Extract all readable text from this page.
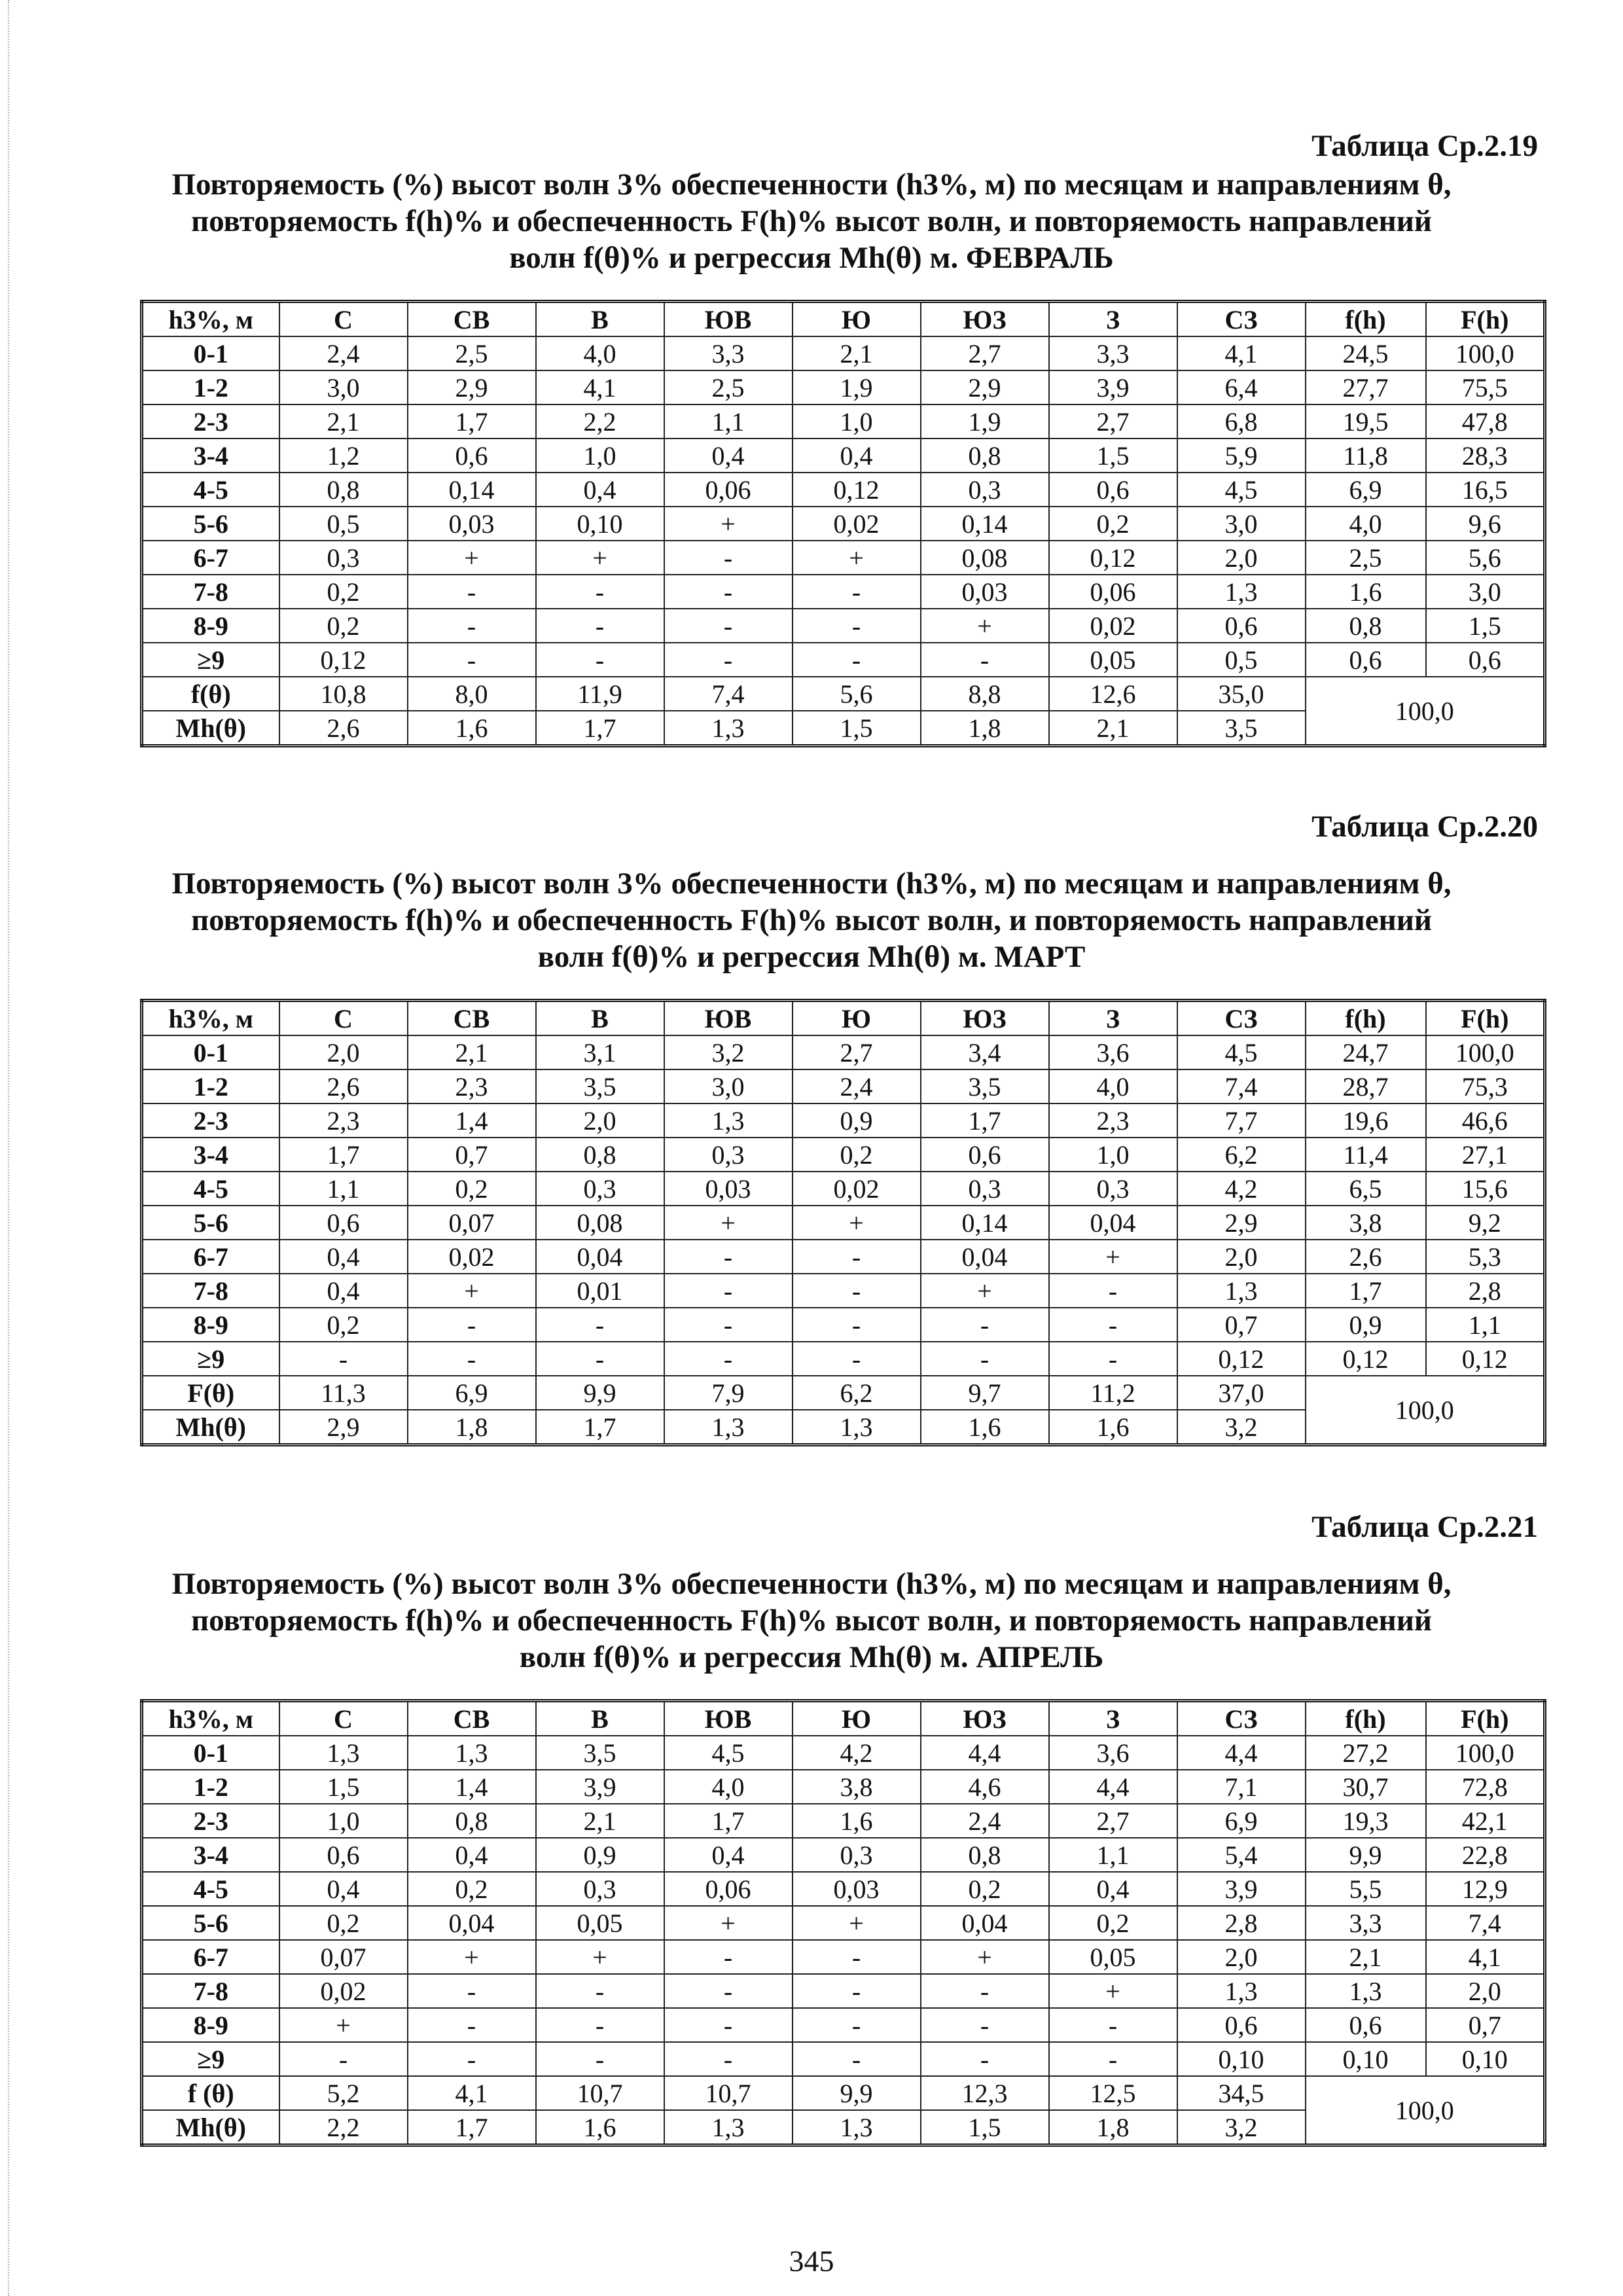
Таблица Ср.2.19
Повторяемость (%) высот волн 3% обеспеченности (h3%, м) по месяцам и направлениям θ,
повторяемость f(h)% и обеспеченность F(h)% высот волн, и повторяемость направлений
волн f(θ)% и регрессия Mh(θ) м. ФЕВРАЛЬ
h3%, м	С	СВ	В	ЮВ	Ю	ЮЗ	З	СЗ	f(h)	F(h)
0-1	2,4	2,5	4,0	3,3	2,1	2,7	3,3	4,1	24,5	100,0
1-2	3,0	2,9	4,1	2,5	1,9	2,9	3,9	6,4	27,7	75,5
2-3	2,1	1,7	2,2	1,1	1,0	1,9	2,7	6,8	19,5	47,8
3-4	1,2	0,6	1,0	0,4	0,4	0,8	1,5	5,9	11,8	28,3
4-5	0,8	0,14	0,4	0,06	0,12	0,3	0,6	4,5	6,9	16,5
5-6	0,5	0,03	0,10	+	0,02	0,14	0,2	3,0	4,0	9,6
6-7	0,3	+	+	-	+	0,08	0,12	2,0	2,5	5,6
7-8	0,2	-	-	-	-	0,03	0,06	1,3	1,6	3,0
8-9	0,2	-	-	-	-	+	0,02	0,6	0,8	1,5
≥9	0,12	-	-	-	-	-	0,05	0,5	0,6	0,6
f(θ)	10,8	8,0	11,9	7,4	5,6	8,8	12,6	35,0	100,0	
Mh(θ)	2,6	1,6	1,7	1,3	1,5	1,8	2,1	3,5		
Таблица Ср.2.20
Повторяемость (%) высот волн 3% обеспеченности (h3%, м) по месяцам и направлениям θ,
повторяемость f(h)% и обеспеченность F(h)% высот волн, и повторяемость направлений
волн f(θ)% и регрессия Mh(θ) м. МАРТ
h3%, м	С	СВ	В	ЮВ	Ю	ЮЗ	З	СЗ	f(h)	F(h)
0-1	2,0	2,1	3,1	3,2	2,7	3,4	3,6	4,5	24,7	100,0
1-2	2,6	2,3	3,5	3,0	2,4	3,5	4,0	7,4	28,7	75,3
2-3	2,3	1,4	2,0	1,3	0,9	1,7	2,3	7,7	19,6	46,6
3-4	1,7	0,7	0,8	0,3	0,2	0,6	1,0	6,2	11,4	27,1
4-5	1,1	0,2	0,3	0,03	0,02	0,3	0,3	4,2	6,5	15,6
5-6	0,6	0,07	0,08	+	+	0,14	0,04	2,9	3,8	9,2
6-7	0,4	0,02	0,04	-	-	0,04	+	2,0	2,6	5,3
7-8	0,4	+	0,01	-	-	+	-	1,3	1,7	2,8
8-9	0,2	-	-	-	-	-	-	0,7	0,9	1,1
≥9	-	-	-	-	-	-	-	0,12	0,12	0,12
F(θ)	11,3	6,9	9,9	7,9	6,2	9,7	11,2	37,0	100,0	
Mh(θ)	2,9	1,8	1,7	1,3	1,3	1,6	1,6	3,2		
Таблица Ср.2.21
Повторяемость (%) высот волн 3% обеспеченности (h3%, м) по месяцам и направлениям θ,
повторяемость f(h)% и обеспеченность F(h)% высот волн, и повторяемость направлений
волн f(θ)% и регрессия Mh(θ) м. АПРЕЛЬ
h3%, м	С	СВ	В	ЮВ	Ю	ЮЗ	З	СЗ	f(h)	F(h)
0-1	1,3	1,3	3,5	4,5	4,2	4,4	3,6	4,4	27,2	100,0
1-2	1,5	1,4	3,9	4,0	3,8	4,6	4,4	7,1	30,7	72,8
2-3	1,0	0,8	2,1	1,7	1,6	2,4	2,7	6,9	19,3	42,1
3-4	0,6	0,4	0,9	0,4	0,3	0,8	1,1	5,4	9,9	22,8
4-5	0,4	0,2	0,3	0,06	0,03	0,2	0,4	3,9	5,5	12,9
5-6	0,2	0,04	0,05	+	+	0,04	0,2	2,8	3,3	7,4
6-7	0,07	+	+	-	-	+	0,05	2,0	2,1	4,1
7-8	0,02	-	-	-	-	-	+	1,3	1,3	2,0
8-9	+	-	-	-	-	-	-	0,6	0,6	0,7
≥9	-	-	-	-	-	-	-	0,10	0,10	0,10
f (θ)	5,2	4,1	10,7	10,7	9,9	12,3	12,5	34,5	100,0	
Mh(θ)	2,2	1,7	1,6	1,3	1,3	1,5	1,8	3,2		
345
